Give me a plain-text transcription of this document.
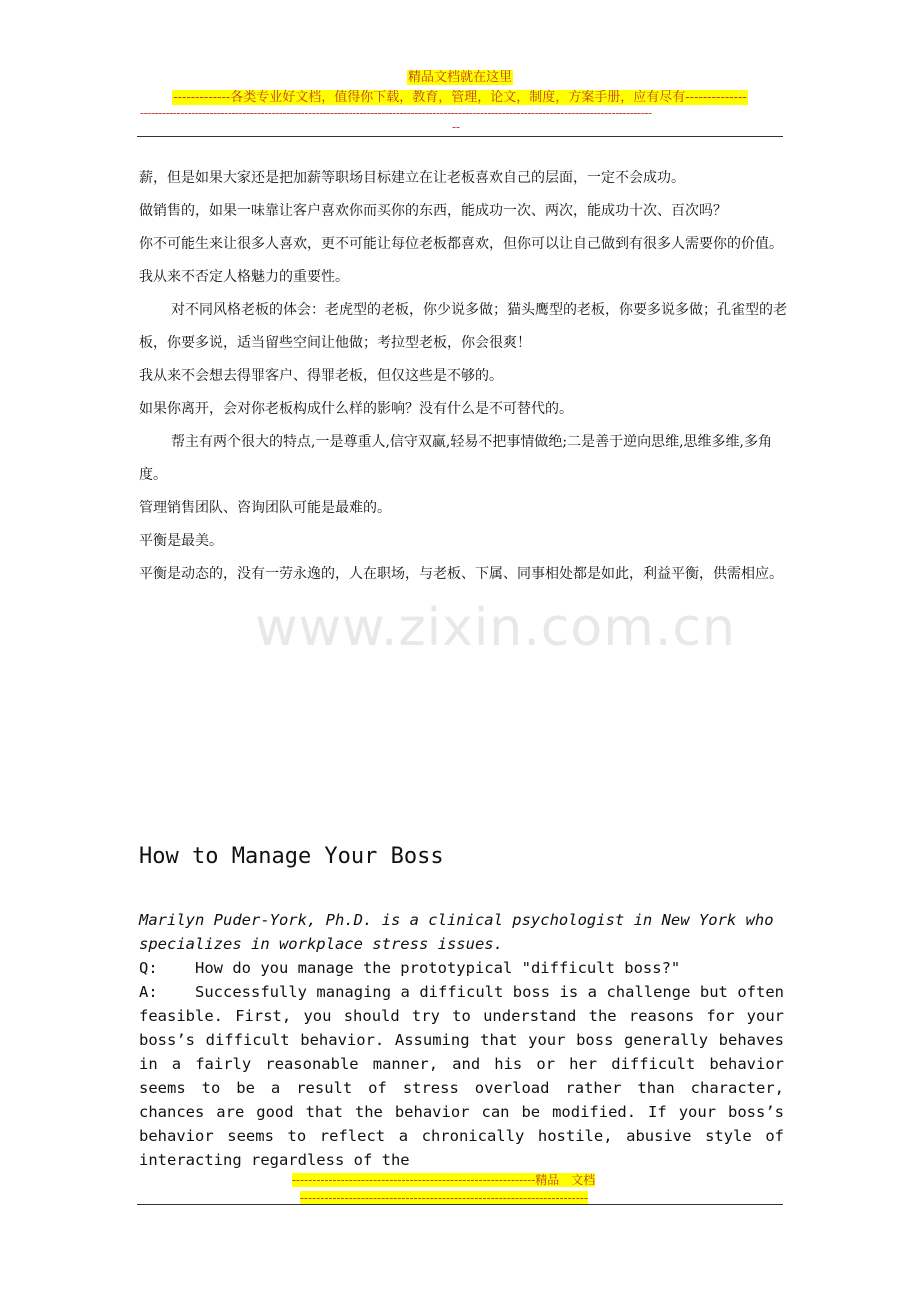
精品文档就在这里
-------------各类专业好文档，值得你下载，教育，管理，论文，制度，方案手册，应有尽有--------------
--------------------------------------------------------------------------------------------------------------------------------------------
--
www.zixin.com.cn

薪，但是如果大家还是把加薪等职场目标建立在让老板喜欢自己的层面，一定不会成功。

做销售的，如果一味靠让客户喜欢你而买你的东西，能成功一次、两次，能成功十次、百次吗？

你不可能生来让很多人喜欢，更不可能让每位老板都喜欢，但你可以让自己做到有很多人需要你的价值。

我从来不否定人格魅力的重要性。

对不同风格老板的体会：老虎型的老板，你少说多做；猫头鹰型的老板，你要多说多做；孔雀型的老板，你要多说，适当留些空间让他做；考拉型老板，你会很爽！

我从来不会想去得罪客户、得罪老板，但仅这些是不够的。

如果你离开，会对你老板构成什么样的影响？没有什么是不可替代的。

帮主有两个很大的特点,一是尊重人,信守双赢,轻易不把事情做绝;二是善于逆向思维,思维多维,多角度。

管理销售团队、咨询团队可能是最难的。

平衡是最美。

平衡是动态的，没有一劳永逸的，人在职场，与老板、下属、同事相处都是如此，利益平衡，供需相应。

How to Manage Your Boss

Marilyn Puder-York, Ph.D. is a clinical psychologist in New York who specializes in workplace stress issues.

Q: How do you manage the prototypical "difficult boss?"

A: Successfully managing a difficult boss is a challenge but often feasible. First, you should try to understand the reasons for your boss’s difficult behavior. Assuming that your boss generally behaves in a fairly reasonable manner, and his or her difficult behavior seems to be a result of stress overload rather than character, chances are good that the behavior can be modified. If your boss’s behavior seems to reflect a chronically hostile, abusive style of interacting regardless of the

------------------------------------------------------------精品　文档
-----------------------------------------------------------------------
